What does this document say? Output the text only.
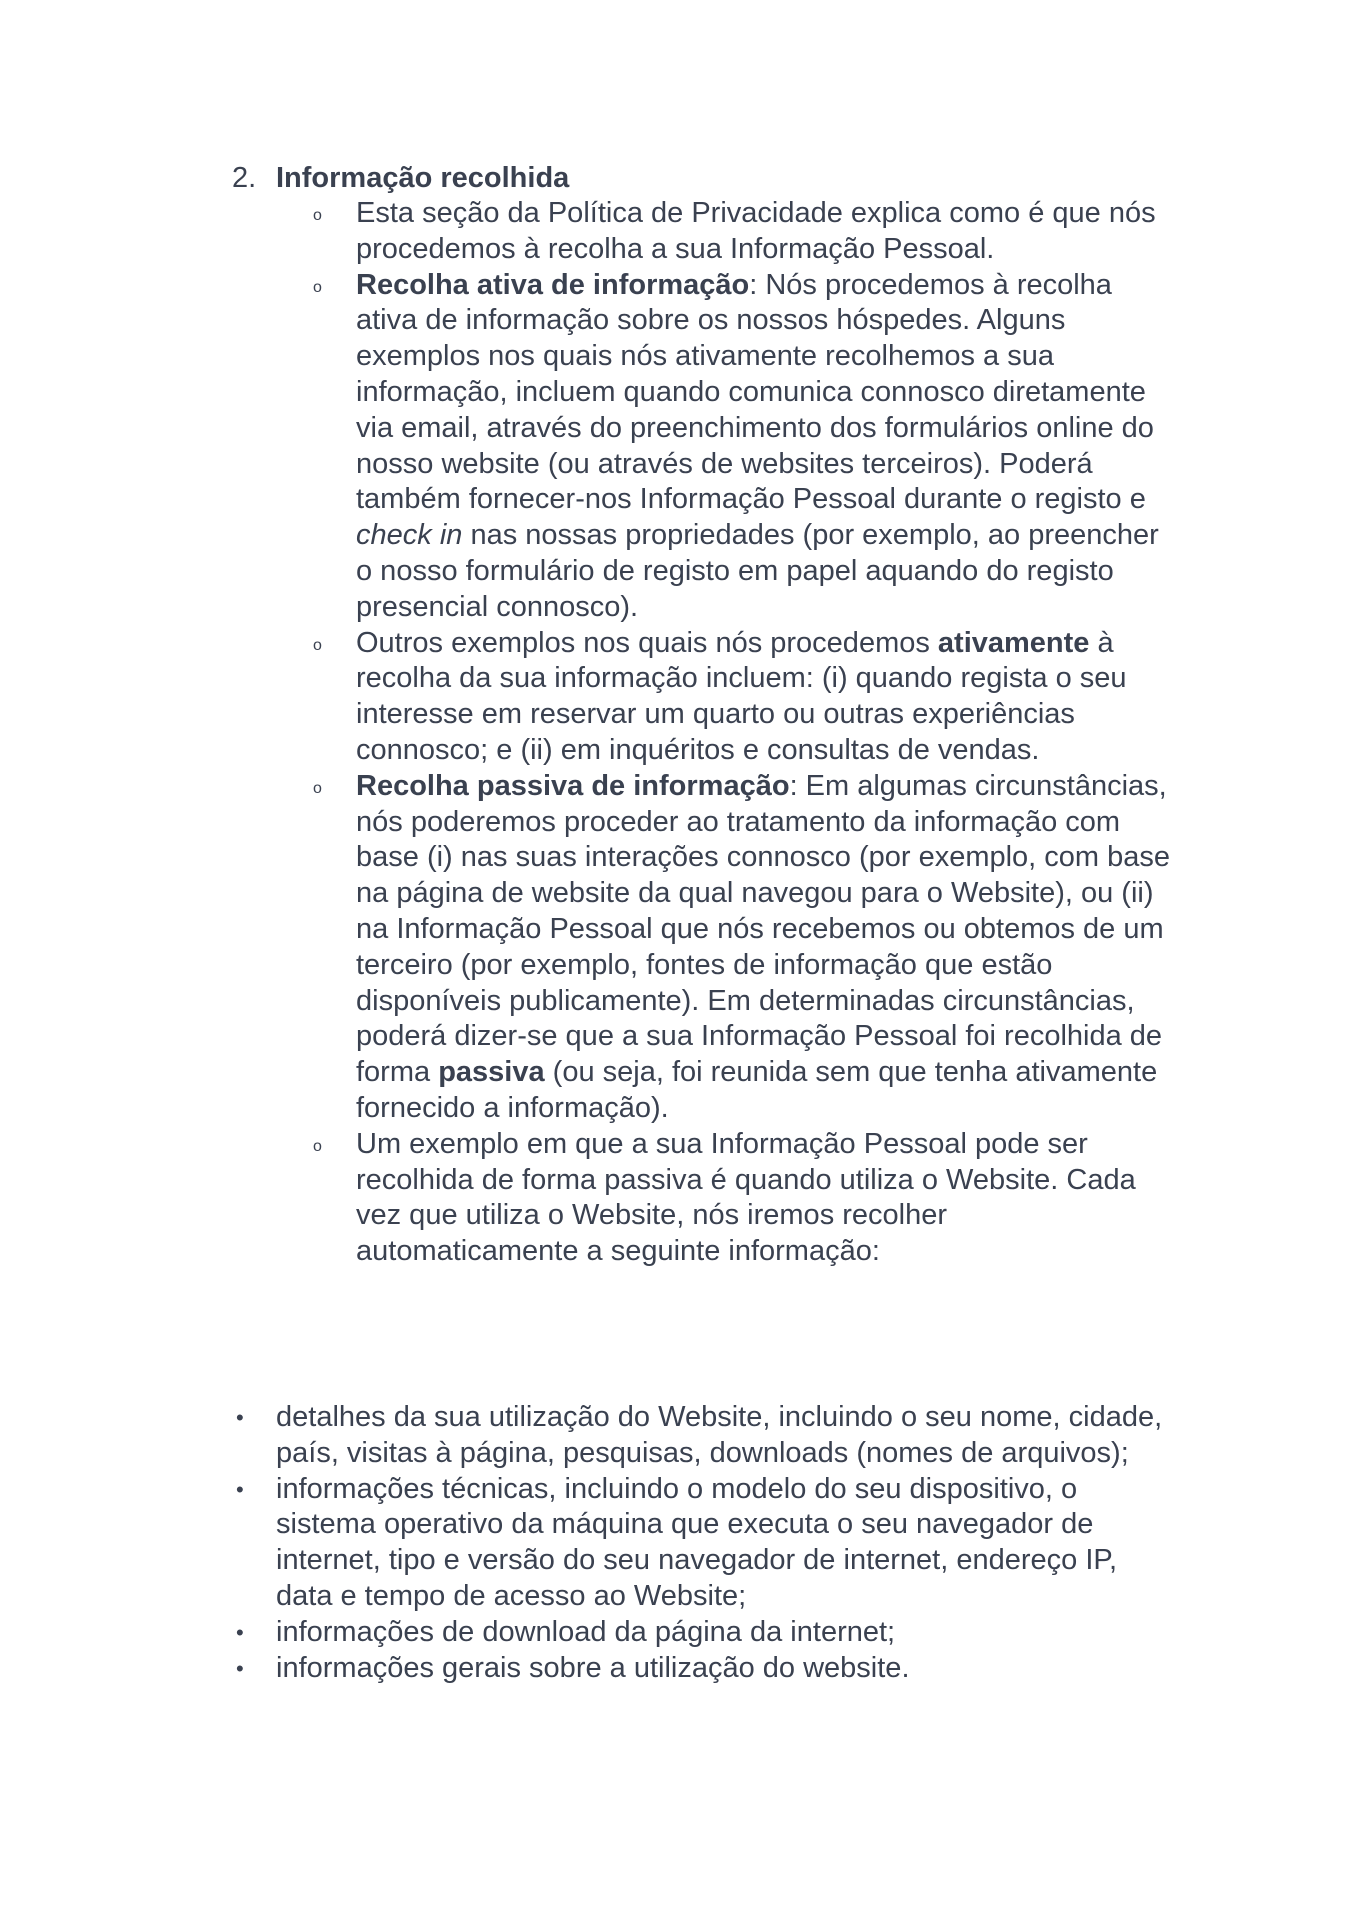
2. Informação recolhida
o Esta seção da Política de Privacidade explica como é que nós procedemos à recolha a sua Informação Pessoal.
o Recolha ativa de informação: Nós procedemos à recolha ativa de informação sobre os nossos hóspedes. Alguns exemplos nos quais nós ativamente recolhemos a sua informação, incluem quando comunica connosco diretamente via email, através do preenchimento dos formulários online do nosso website (ou através de websites terceiros). Poderá também fornecer-nos Informação Pessoal durante o registo e check in nas nossas propriedades (por exemplo, ao preencher o nosso formulário de registo em papel aquando do registo presencial connosco).
o Outros exemplos nos quais nós procedemos ativamente à recolha da sua informação incluem: (i) quando regista o seu interesse em reservar um quarto ou outras experiências connosco; e (ii) em inquéritos e consultas de vendas.
o Recolha passiva de informação: Em algumas circunstâncias, nós poderemos proceder ao tratamento da informação com base (i) nas suas interações connosco (por exemplo, com base na página de website da qual navegou para o Website), ou (ii) na Informação Pessoal que nós recebemos ou obtemos de um terceiro (por exemplo, fontes de informação que estão disponíveis publicamente). Em determinadas circunstâncias, poderá dizer-se que a sua Informação Pessoal foi recolhida de forma passiva (ou seja, foi reunida sem que tenha ativamente fornecido a informação).
o Um exemplo em que a sua Informação Pessoal pode ser recolhida de forma passiva é quando utiliza o Website. Cada vez que utiliza o Website, nós iremos recolher automaticamente a seguinte informação:
• detalhes da sua utilização do Website, incluindo o seu nome, cidade, país, visitas à página, pesquisas, downloads (nomes de arquivos);
• informações técnicas, incluindo o modelo do seu dispositivo, o sistema operativo da máquina que executa o seu navegador de internet, tipo e versão do seu navegador de internet, endereço IP, data e tempo de acesso ao Website;
• informações de download da página da internet;
• informações gerais sobre a utilização do website.
